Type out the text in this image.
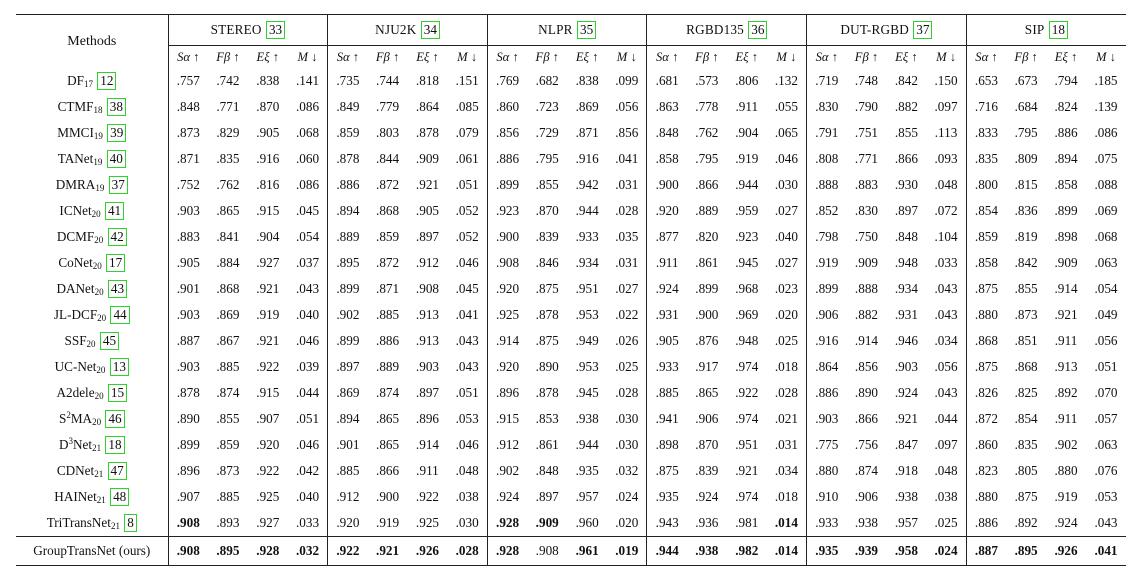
Methods	STEREO 33				NJU2K 34				NLPR 35				RGBD135 36				DUT-RGBD 37				SIP 18			
	Sα ↑	Fβ ↑	Eξ ↑	M ↓	Sα ↑	Fβ ↑	Eξ ↑	M ↓	Sα ↑	Fβ ↑	Eξ ↑	M ↓	Sα ↑	Fβ ↑	Eξ ↑	M ↓	Sα ↑	Fβ ↑	Eξ ↑	M ↓	Sα ↑	Fβ ↑	Eξ ↑	M ↓
$DF_{17}$ 12	.757	.742	.838	.141	.735	.744	.818	.151	.769	.682	.838	.099	.681	.573	.806	.132	.719	.748	.842	.150	.653	.673	.794	.185
$CTMF_{18}$ 38	.848	.771	.870	.086	.849	.779	.864	.085	.860	.723	.869	.056	.863	.778	.911	.055	.830	.790	.882	.097	.716	.684	.824	.139
$MMCI_{19}$ 39	.873	.829	.905	.068	.859	.803	.878	.079	.856	.729	.871	.856	.848	.762	.904	.065	.791	.751	.855	.113	.833	.795	.886	.086
TANet$_{19}$ 40	.871	.835	.916	.060	.878	.844	.909	.061	.886	.795	.916	.041	.858	.795	.919	.046	.808	.771	.866	.093	.835	.809	.894	.075
$DMRA_{19}$ 37	.752	.762	.816	.086	.886	.872	.921	.051	.899	.855	.942	.031	.900	.866	.944	.030	.888	.883	.930	.048	.800	.815	.858	.088
ICNet$_{20}$ 41	.903	.865	.915	.045	.894	.868	.905	.052	.923	.870	.944	.028	.920	.889	.959	.027	.852	.830	.897	.072	.854	.836	.899	.069
$DCMF_{20}$ 42	.883	.841	.904	.054	.889	.859	.897	.052	.900	.839	.933	.035	.877	.820	.923	.040	.798	.750	.848	.104	.859	.819	.898	.068
CoNet$_{20}$ 17	.905	.884	.927	.037	.895	.872	.912	.046	.908	.846	.934	.031	.911	.861	.945	.027	.919	.909	.948	.033	.858	.842	.909	.063
DANet$_{20}$ 43	.901	.868	.921	.043	.899	.871	.908	.045	.920	.875	.951	.027	.924	.899	.968	.023	.899	.888	.934	.043	.875	.855	.914	.054
$JL-DCF_{20}$ 44	.903	.869	.919	.040	.902	.885	.913	.041	.925	.878	.953	.022	.931	.900	.969	.020	.906	.882	.931	.043	.880	.873	.921	.049
$SSF_{20}$ 45	.887	.867	.921	.046	.899	.886	.913	.043	.914	.875	.949	.026	.905	.876	.948	.025	.916	.914	.946	.034	.868	.851	.911	.056
UC-Net$_{20}$ 13	.903	.885	.922	.039	.897	.889	.903	.043	.920	.890	.953	.025	.933	.917	.974	.018	.864	.856	.903	.056	.875	.868	.913	.051
A2dele$_{20}$ 15	.878	.874	.915	.044	.869	.874	.897	.051	.896	.878	.945	.028	.885	.865	.922	.028	.886	.890	.924	.043	.826	.825	.892	.070
$S^2MA_{20}$ 46	.890	.855	.907	.051	.894	.865	.896	.053	.915	.853	.938	.030	.941	.906	.974	.021	.903	.866	.921	.044	.872	.854	.911	.057
$D^3Net_{21}$ 18	.899	.859	.920	.046	.901	.865	.914	.046	.912	.861	.944	.030	.898	.870	.951	.031	.775	.756	.847	.097	.860	.835	.902	.063
CDNet$_{21}$ 47	.896	.873	.922	.042	.885	.866	.911	.048	.902	.848	.935	.032	.875	.839	.921	.034	.880	.874	.918	.048	.823	.805	.880	.076
HAINet$_{21}$ 48	.907	.885	.925	.040	.912	.900	.922	.038	.924	.897	.957	.024	.935	.924	.974	.018	.910	.906	.938	.038	.880	.875	.919	.053
TriTransNet$_{21}$ 8	.908	.893	.927	.033	.920	.919	.925	.030	.928	.909	.960	.020	.943	.936	.981	.014	.933	.938	.957	.025	.886	.892	.924	.043
GroupTransNet (ours)	.908	.895	.928	.032	.922	.921	.926	.028	.928	.908	.961	.019	.944	.938	.982	.014	.935	.939	.958	.024	.887	.895	.926	.041
